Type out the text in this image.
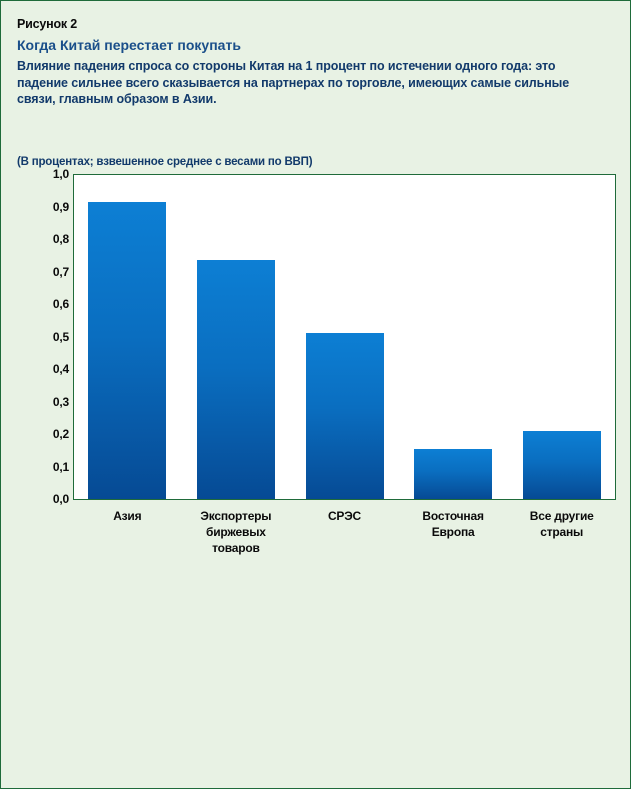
Рисунок 2
Когда Китай перестает покупать
Влияние падения спроса со стороны Китая на 1 процент по истечении одного года: это падение сильнее всего сказывается на партнерах по торговле, имеющих самые сильные связи, главным образом в Азии.
(В процентах; взвешенное среднее с весами по ВВП)
0,0
0,1
0,2
0,3
0,4
0,5
0,6
0,7
0,8
0,9
1,0
Азия	Экспортеры биржевых товаров
СРЭС	Восточная Европа
Все другие страны
